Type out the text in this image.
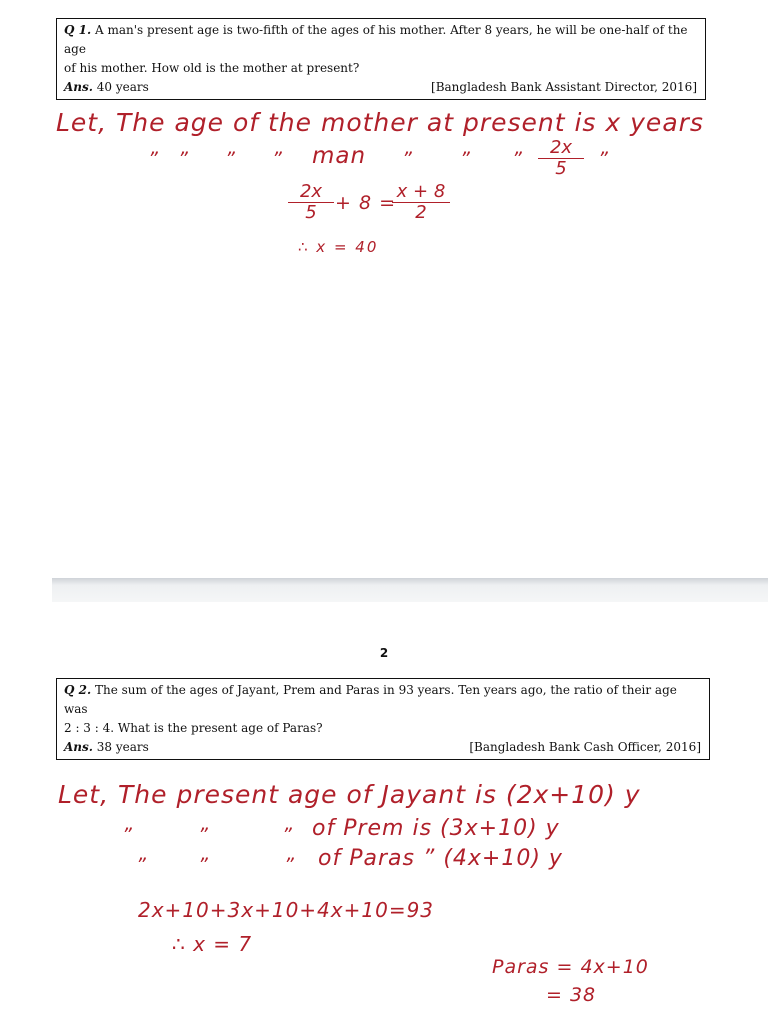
Q 1. A man's present age is two-fifth of the ages of his mother. After 8 years, he will be one-half of the age

of his mother. How old is the mother at present?

Ans. 40 years	[Bangladesh Bank Assistant Director, 2016]
Let, The age of the mother at present is x years
” ” ” ” man ” ” ”	”
2x
5
2x
5 + 8 =
x + 8
2
∴ x = 40
2

Q 2. The sum of the ages of Jayant, Prem and Paras in 93 years. Ten years ago, the ratio of their age was

2 : 3 : 4. What is the present age of Paras?

Ans. 38 years	[Bangladesh Bank Cash Officer, 2016]
Let, The present age of Jayant is (2x+10) y
”	”	” of Prem is (3x+10) y
”	”	” of Paras ” (4x+10) y
2x+10+3x+10+4x+10=93
∴ x = 7
Paras = 4x+10
= 38
